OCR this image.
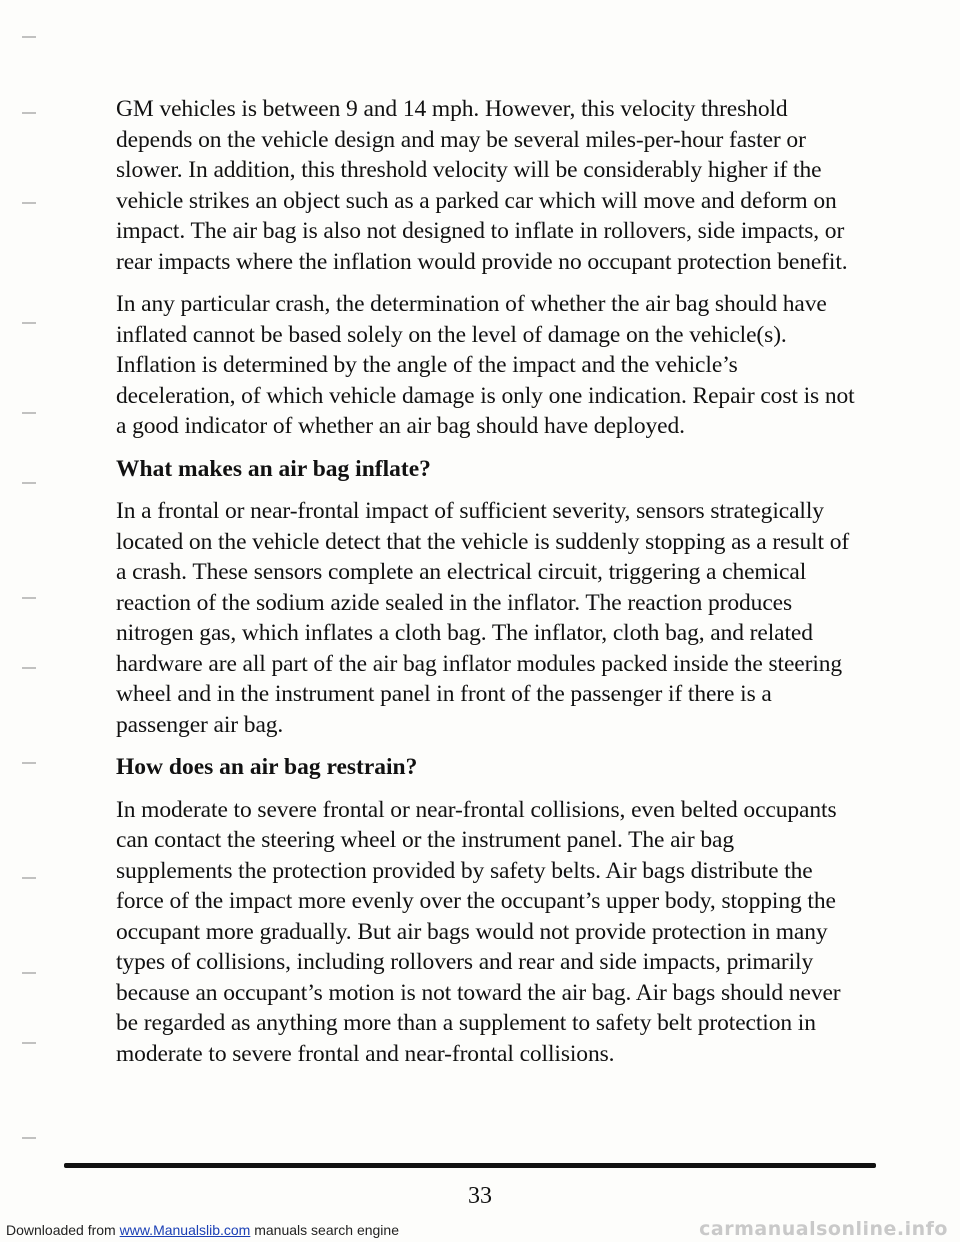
GM vehicles is between 9 and 14 mph. However, this velocity threshold depends on the vehicle design and may be several miles-per-hour faster or slower. In addition, this threshold velocity will be considerably higher if the vehicle strikes an object such as a parked car which will move and deform on impact. The air bag is also not designed to inflate in rollovers, side impacts, or rear impacts where the inflation would provide no occupant protection benefit.

In any particular crash, the determination of whether the air bag should have inflated cannot be based solely on the level of damage on the vehicle(s). Inflation is determined by the angle of the impact and the vehicle’s deceleration, of which vehicle damage is only one indication. Repair cost is not a good indicator of whether an air bag should have deployed.

What makes an air bag inflate?

In a frontal or near-frontal impact of sufficient severity, sensors strategically located on the vehicle detect that the vehicle is suddenly stopping as a result of a crash. These sensors complete an electrical circuit, triggering a chemical reaction of the sodium azide sealed in the inflator. The reaction produces nitrogen gas, which inflates a cloth bag. The inflator, cloth bag, and related hardware are all part of the air bag inflator modules packed inside the steering wheel and in the instrument panel in front of the passenger if there is a passenger air bag.

How does an air bag restrain?

In moderate to severe frontal or near-frontal collisions, even belted occupants can contact the steering wheel or the instrument panel. The air bag supplements the protection provided by safety belts. Air bags distribute the force of the impact more evenly over the occupant’s upper body, stopping the occupant more gradually. But air bags would not provide protection in many types of collisions, including rollovers and rear and side impacts, primarily because an occupant’s motion is not toward the air bag. Air bags should never be regarded as anything more than a supplement to safety belt protection in moderate to severe frontal and near-frontal collisions.

33
Downloaded from www.Manualslib.com manuals search engine	carmanualsonline.info
